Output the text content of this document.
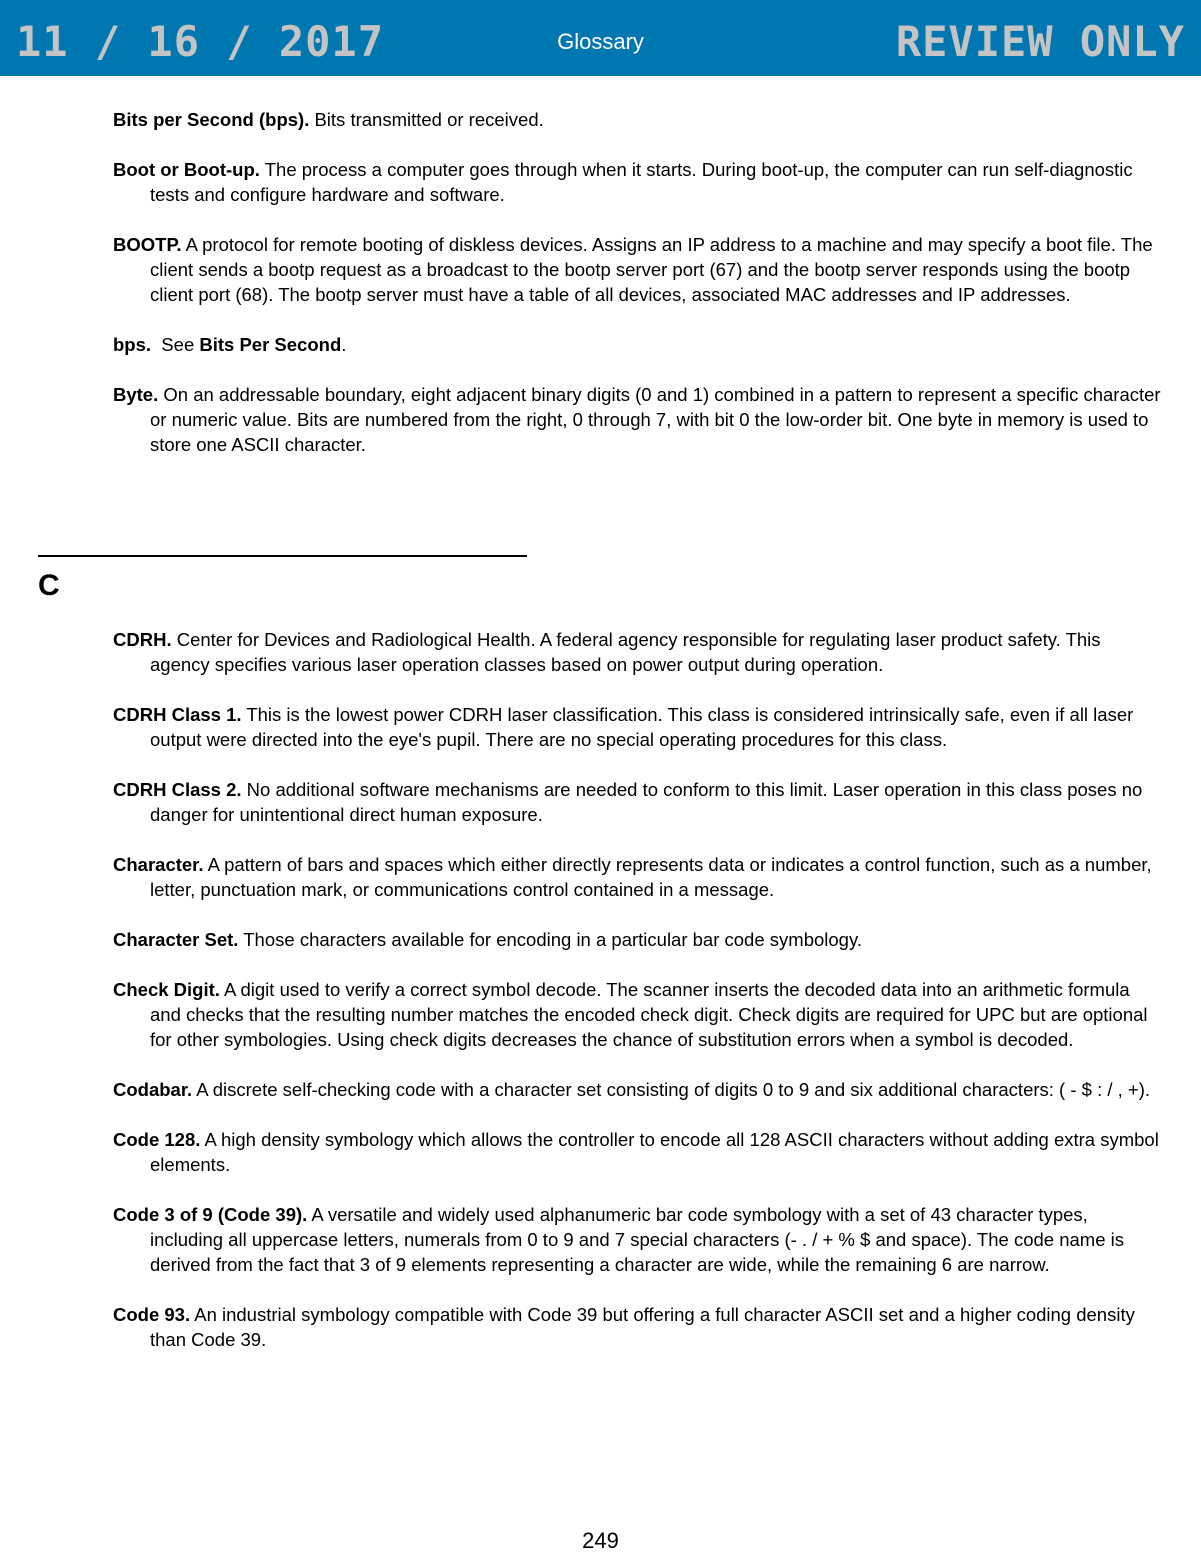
11 / 16 / 2017	Glossary	REVIEW ONLY

Bits per Second (bps). Bits transmitted or received.

Boot or Boot-up. The process a computer goes through when it starts. During boot-up, the computer can run self-diagnostic tests and configure hardware and software.

BOOTP. A protocol for remote booting of diskless devices. Assigns an IP address to a machine and may specify a boot file. The client sends a bootp request as a broadcast to the bootp server port (67) and the bootp server responds using the bootp client port (68). The bootp server must have a table of all devices, associated MAC addresses and IP addresses.

bps.  See Bits Per Second.

Byte. On an addressable boundary, eight adjacent binary digits (0 and 1) combined in a pattern to represent a specific character or numeric value. Bits are numbered from the right, 0 through 7, with bit 0 the low-order bit. One byte in memory is used to store one ASCII character.

C

CDRH. Center for Devices and Radiological Health. A federal agency responsible for regulating laser product safety. This agency specifies various laser operation classes based on power output during operation.

CDRH Class 1. This is the lowest power CDRH laser classification. This class is considered intrinsically safe, even if all laser output were directed into the eye's pupil. There are no special operating procedures for this class.

CDRH Class 2. No additional software mechanisms are needed to conform to this limit. Laser operation in this class poses no danger for unintentional direct human exposure.

Character. A pattern of bars and spaces which either directly represents data or indicates a control function, such as a number, letter, punctuation mark, or communications control contained in a message.

Character Set. Those characters available for encoding in a particular bar code symbology.

Check Digit. A digit used to verify a correct symbol decode. The scanner inserts the decoded data into an arithmetic formula and checks that the resulting number matches the encoded check digit. Check digits are required for UPC but are optional for other symbologies. Using check digits decreases the chance of substitution errors when a symbol is decoded.

Codabar. A discrete self-checking code with a character set consisting of digits 0 to 9 and six additional characters: ( - $ : / , +).

Code 128. A high density symbology which allows the controller to encode all 128 ASCII characters without adding extra symbol elements.

Code 3 of 9 (Code 39). A versatile and widely used alphanumeric bar code symbology with a set of 43 character types, including all uppercase letters, numerals from 0 to 9 and 7 special characters (- . / + % $ and space). The code name is derived from the fact that 3 of 9 elements representing a character are wide, while the remaining 6 are narrow.

Code 93. An industrial symbology compatible with Code 39 but offering a full character ASCII set and a higher coding density than Code 39.

249
